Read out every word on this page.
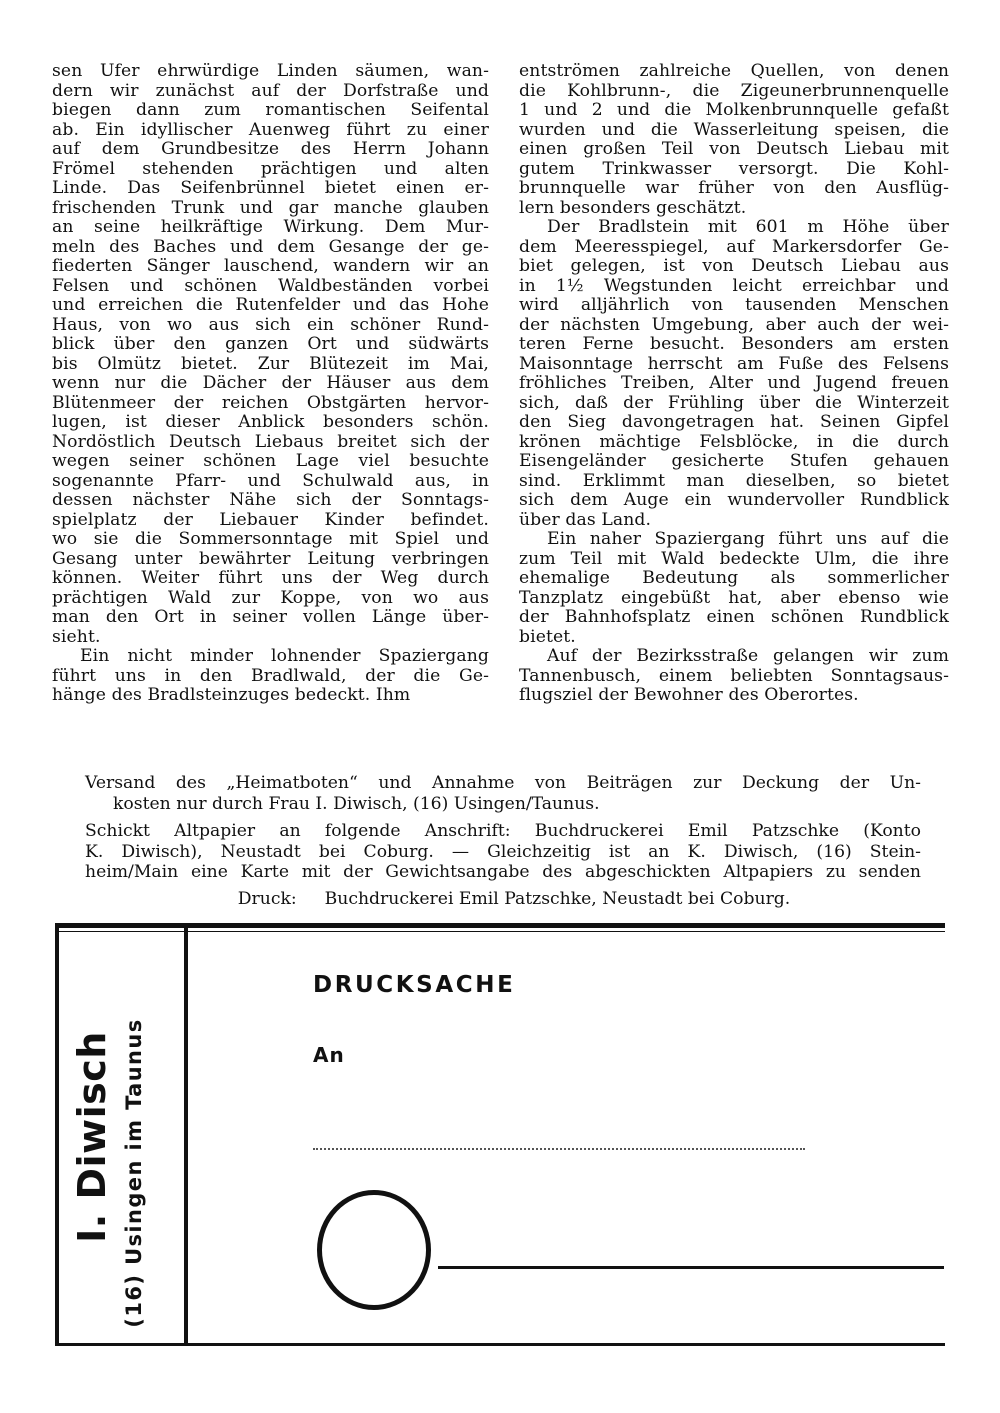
sen Ufer ehrwürdige Linden säumen, wan-
dern wir zunächst auf der Dorfstraße und
biegen dann zum romantischen Seifental
ab. Ein idyllischer Auenweg führt zu einer
auf dem Grundbesitze des Herrn Johann
Frömel stehenden prächtigen und alten
Linde. Das Seifenbrünnel bietet einen er-
frischenden Trunk und gar manche glauben
an seine heilkräftige Wirkung. Dem Mur-
meln des Baches und dem Gesange der ge-
fiederten Sänger lauschend, wandern wir an
Felsen und schönen Waldbeständen vorbei
und erreichen die Rutenfelder und das Hohe
Haus, von wo aus sich ein schöner Rund-
blick über den ganzen Ort und südwärts
bis Olmütz bietet. Zur Blütezeit im Mai,
wenn nur die Dächer der Häuser aus dem
Blütenmeer der reichen Obstgärten hervor-
lugen, ist dieser Anblick besonders schön.
Nordöstlich Deutsch Liebaus breitet sich der
wegen seiner schönen Lage viel besuchte
sogenannte Pfarr- und Schulwald aus, in
dessen nächster Nähe sich der Sonntags-
spielplatz der Liebauer Kinder befindet.
wo sie die Sommersonntage mit Spiel und
Gesang unter bewährter Leitung verbringen
können. Weiter führt uns der Weg durch
prächtigen Wald zur Koppe, von wo aus
man den Ort in seiner vollen Länge über-
sieht.
Ein nicht minder lohnender Spaziergang
führt uns in den Bradlwald, der die Ge-
hänge des Bradlsteinzuges bedeckt. Ihm
entströmen zahlreiche Quellen, von denen
die Kohlbrunn-, die Zigeunerbrunnenquelle
1 und 2 und die Molkenbrunnquelle gefaßt
wurden und die Wasserleitung speisen, die
einen großen Teil von Deutsch Liebau mit
gutem Trinkwasser versorgt. Die Kohl-
brunnquelle war früher von den Ausflüg-
lern besonders geschätzt.
Der Bradlstein mit 601 m Höhe über
dem Meeresspiegel, auf Markersdorfer Ge-
biet gelegen, ist von Deutsch Liebau aus
in 1½ Wegstunden leicht erreichbar und
wird alljährlich von tausenden Menschen
der nächsten Umgebung, aber auch der wei-
teren Ferne besucht. Besonders am ersten
Maisonntage herrscht am Fuße des Felsens
fröhliches Treiben, Alter und Jugend freuen
sich, daß der Frühling über die Winterzeit
den Sieg davongetragen hat. Seinen Gipfel
krönen mächtige Felsblöcke, in die durch
Eisengeländer gesicherte Stufen gehauen
sind. Erklimmt man dieselben, so bietet
sich dem Auge ein wundervoller Rundblick
über das Land.
Ein naher Spaziergang führt uns auf die
zum Teil mit Wald bedeckte Ulm, die ihre
ehemalige Bedeutung als sommerlicher
Tanzplatz eingebüßt hat, aber ebenso wie
der Bahnhofsplatz einen schönen Rundblick
bietet.
Auf der Bezirksstraße gelangen wir zum
Tannenbusch, einem beliebten Sonntagsaus-
flugsziel der Bewohner des Oberortes.
Versand des „Heimatboten“ und Annahme von Beiträgen zur Deckung der Un-
kosten nur durch Frau I. Diwisch, (16) Usingen/Taunus.
Schickt Altpapier an folgende Anschrift: Buchdruckerei Emil Patzschke (Konto
K. Diwisch), Neustadt bei Coburg. — Gleichzeitig ist an K. Diwisch, (16) Stein-
heim/Main eine Karte mit der Gewichtsangabe des abgeschickten Altpapiers zu senden
Druck: Buchdruckerei Emil Patzschke, Neustadt bei Coburg.
I. Diwisch (16) Usingen im Taunus
DRUCKSACHE
An
